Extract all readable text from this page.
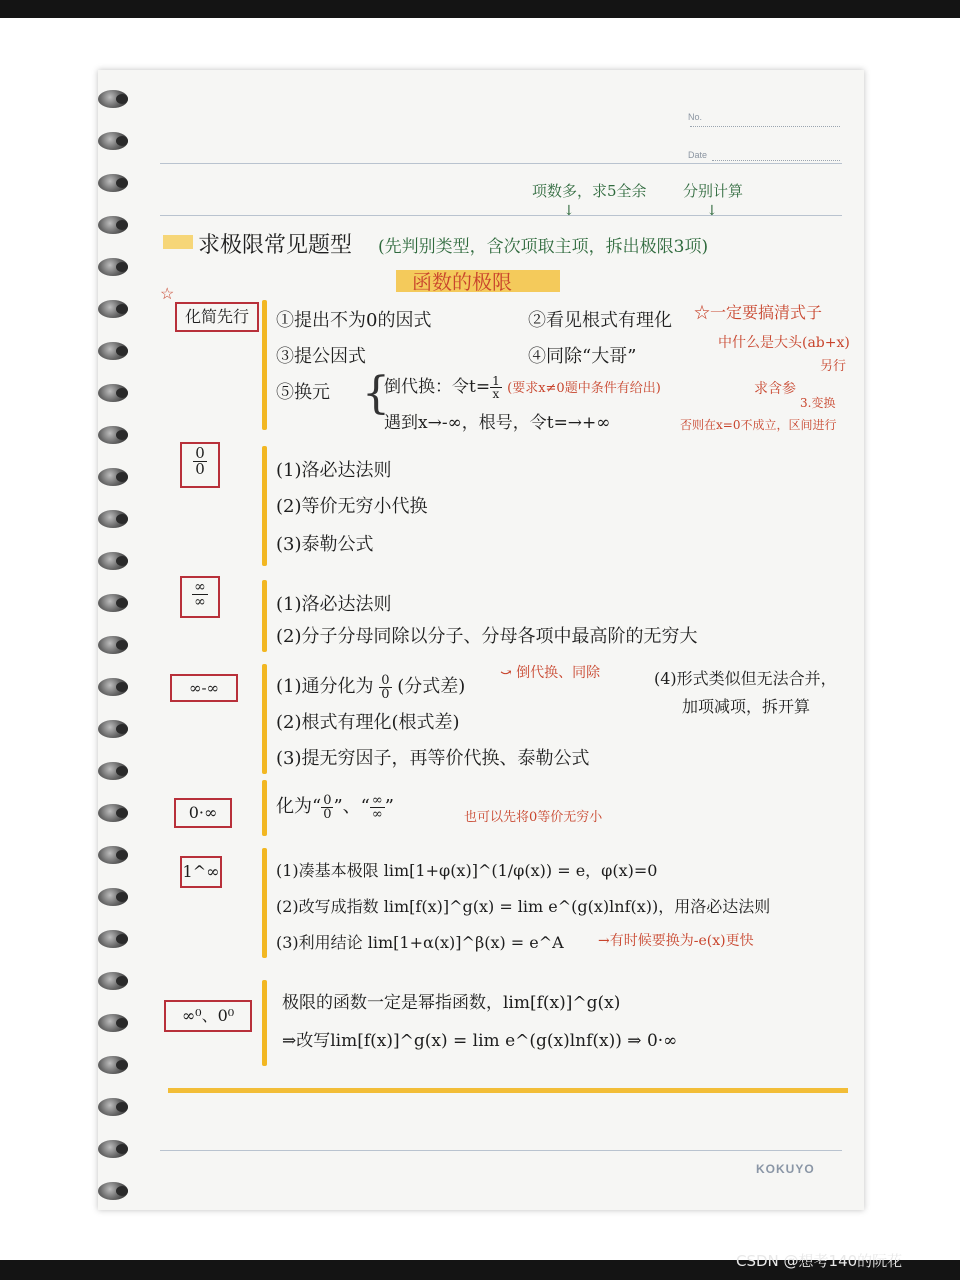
No.
Date
项数多，求5全余 分别计算
↓	↓
求极限常见题型 (先判别类型，含次项取主项，拆出极限3项)
函数的极限
☆
化简先行	①提出不为0的因式	②看见根式有理化
③提公因式	④同除“大哥”
⑤换元 {
倒代换：令$t= \frac{1}{x}$ (要求x≠0题中条件有给出)
遇到x→-∞，根号，令t=→+∞
☆一定要搞清式子
中什么是大头(ab+x)
求含参
另行
3.变换
否则在x=0不成立，区间进行
$\frac{0}{0}$	(1)洛必达法则
(2)等价无穷小代换
(3)泰勒公式
$\frac{\infty}{\infty}$	(1)洛必达法则
(2)分子分母同除以分子、分母各项中最高阶的无穷大
∞-∞	(1)通分化为 $\frac{0}{0}$ (分式差)
⤻ 倒代换、同除
(2)根式有理化(根式差)
(3)提无穷因子，再等价代换、泰勒公式
(4)形式类似但无法合并，
加项减项，拆开算
0·∞	化为“ $\frac{0}{0}$ ”、“ $\frac{\infty}{\infty}$ ”
也可以先将0等价无穷小
1^∞	(1)凑基本极限 lim[1+φ(x)]^(1/φ(x)) = e，φ(x)=0
(2)改写成指数 lim[f(x)]^g(x) = lim e^(g(x)lnf(x))，用洛必达法则
(3)利用结论 lim[1+α(x)]^β(x) = e^A →有时候要换为-e(x)更快
∞⁰、0⁰
极限的函数一定是幂指函数，lim[f(x)]^g(x)
⇒改写lim[f(x)]^g(x) = lim e^(g(x)lnf(x)) ⇒ 0·∞
KOKUYO
CSDN @想考140的阮花
